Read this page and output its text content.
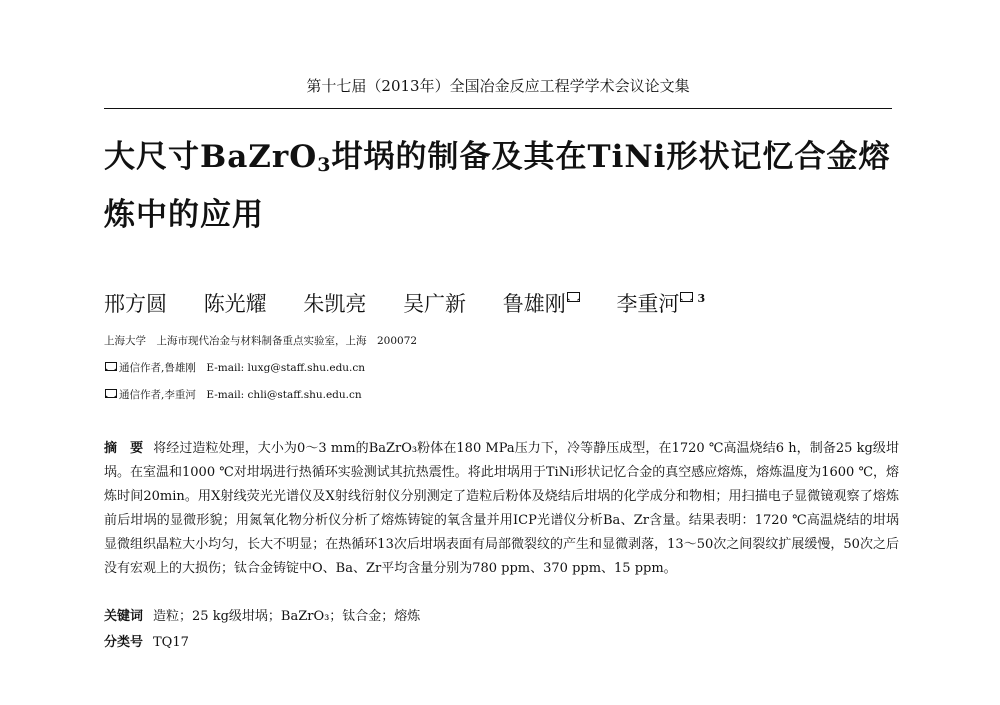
第十七届（2013年）全国冶金反应工程学学术会议论文集
大尺寸BaZrO$_3$坩埚的制备及其在TiNi形状记忆合金熔炼中的应用
邢方圆 陈光耀 朱凯亮 吴广新 鲁雄刚 李重河 $^3$
上海大学　上海市现代冶金与材料制备重点实验室，上海　200072
通信作者,鲁雄刚　E-mail: luxg@staff.shu.edu.cn
通信作者,李重河　E-mail: chli@staff.shu.edu.cn

摘　要 将经过造粒处理，大小为0～3 mm的BaZrO₃粉体在180 MPa压力下，冷等静压成型，在1720 ℃高温烧结6 h，制备25 kg级坩埚。在室温和1000 ℃对坩埚进行热循环实验测试其抗热震性。将此坩埚用于TiNi形状记忆合金的真空感应熔炼，熔炼温度为1600 ℃，熔炼时间20min。用X射线荧光光谱仪及X射线衍射仪分别测定了造粒后粉体及烧结后坩埚的化学成分和物相；用扫描电子显微镜观察了熔炼前后坩埚的显微形貌；用氮氧化物分析仪分析了熔炼铸锭的氧含量并用ICP光谱仪分析Ba、Zr含量。结果表明：1720 ℃高温烧结的坩埚显微组织晶粒大小均匀，长大不明显；在热循环13次后坩埚表面有局部微裂纹的产生和显微剥落，13～50次之间裂纹扩展缓慢，50次之后没有宏观上的大损伤；钛合金铸锭中O、Ba、Zr平均含量分别为780 ppm、370 ppm、15 ppm。

关键词 造粒；25 kg级坩埚；BaZrO₃；钛合金；熔炼
分类号 TQ17
